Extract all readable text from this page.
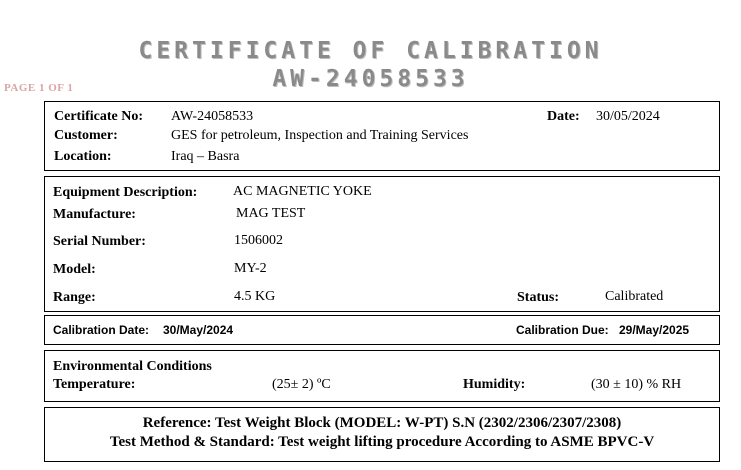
CERTIFICATE OF CALIBRATION
AW-24058533
PAGE 1 OF 1
Certificate No: AW-24058533	Date: 30/05/2024
Customer:	GES for petroleum, Inspection and Training Services
Location:	Iraq – Basra
Equipment Description:	AC MAGNETIC YOKE
Manufacture:	MAG TEST
Serial Number:	1506002
Model:	MY-2
Range:	4.5 KG	Status:	Calibrated
Calibration Date: 30/May/2024	Calibration Due: 29/May/2025
Environmental Conditions
Temperature:	(25± 2) ºC	Humidity:	(30 ± 10) % RH
Reference: Test Weight Block (MODEL: W-PT) S.N (2302/2306/2307/2308)
Test Method & Standard: Test weight lifting procedure According to ASME BPVC-V
